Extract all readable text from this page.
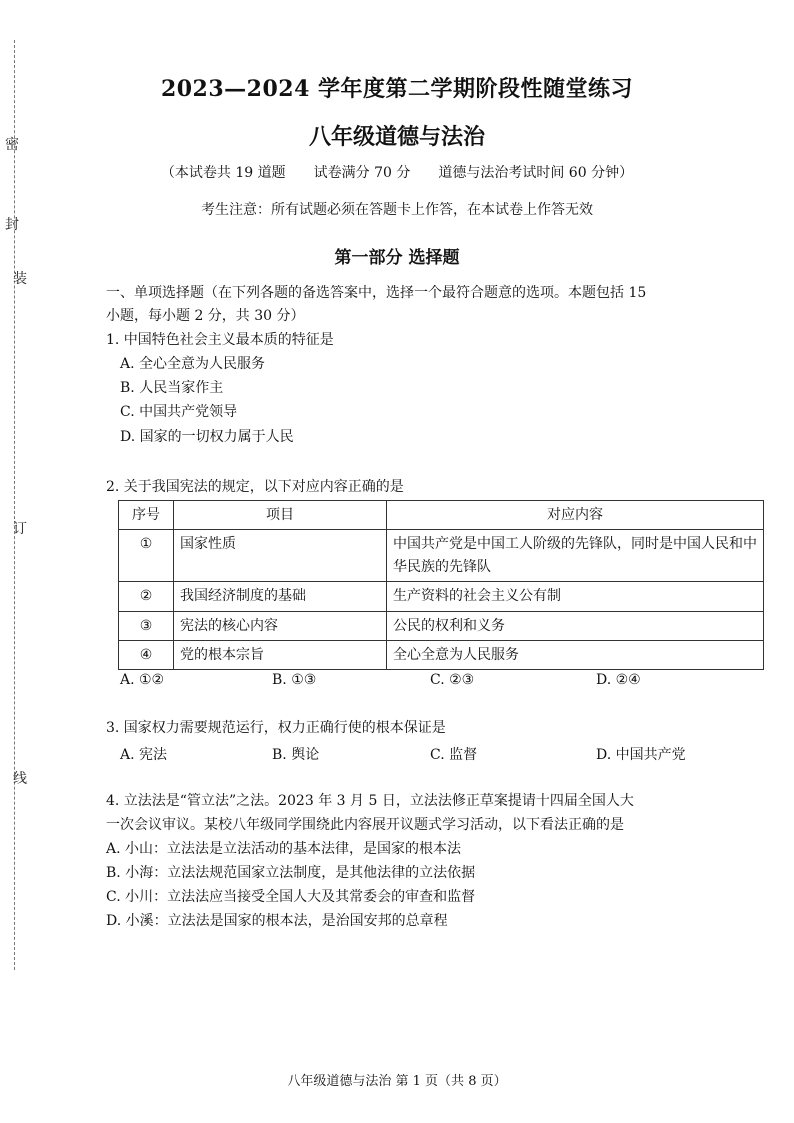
密
封
装
订
线
2023—2024 学年度第二学期阶段性随堂练习
八年级道德与法治
（本试卷共 19 道题　　试卷满分 70 分　　道德与法治考试时间 60 分钟）
考生注意：所有试题必须在答题卡上作答，在本试卷上作答无效
第一部分 选择题
一、单项选择题（在下列各题的备选答案中，选择一个最符合题意的选项。本题包括 15
小题，每小题 2 分，共 30 分）
1. 中国特色社会主义最本质的特征是
A. 全心全意为人民服务
B. 人民当家作主
C. 中国共产党领导
D. 国家的一切权力属于人民
2. 关于我国宪法的规定，以下对应内容正确的是
序号	项目	对应内容
①	国家性质	中国共产党是中国工人阶级的先锋队，同时是中国人民和中华民族的先锋队
②	我国经济制度的基础	生产资料的社会主义公有制
③	宪法的核心内容	公民的权利和义务
④	党的根本宗旨	全心全意为人民服务
A. ①②	B. ①③	C. ②③	D. ②④
3. 国家权力需要规范运行，权力正确行使的根本保证是
A. 宪法	B. 舆论	C. 监督	D. 中国共产党
4. 立法法是“管立法”之法。2023 年 3 月 5 日，立法法修正草案提请十四届全国人大
一次会议审议。某校八年级同学围绕此内容展开议题式学习活动，以下看法正确的是
A. 小山：立法法是立法活动的基本法律，是国家的根本法
B. 小海：立法法规范国家立法制度，是其他法律的立法依据
C. 小川：立法法应当接受全国人大及其常委会的审查和监督
D. 小溪：立法法是国家的根本法，是治国安邦的总章程
八年级道德与法治 第 1 页（共 8 页）
